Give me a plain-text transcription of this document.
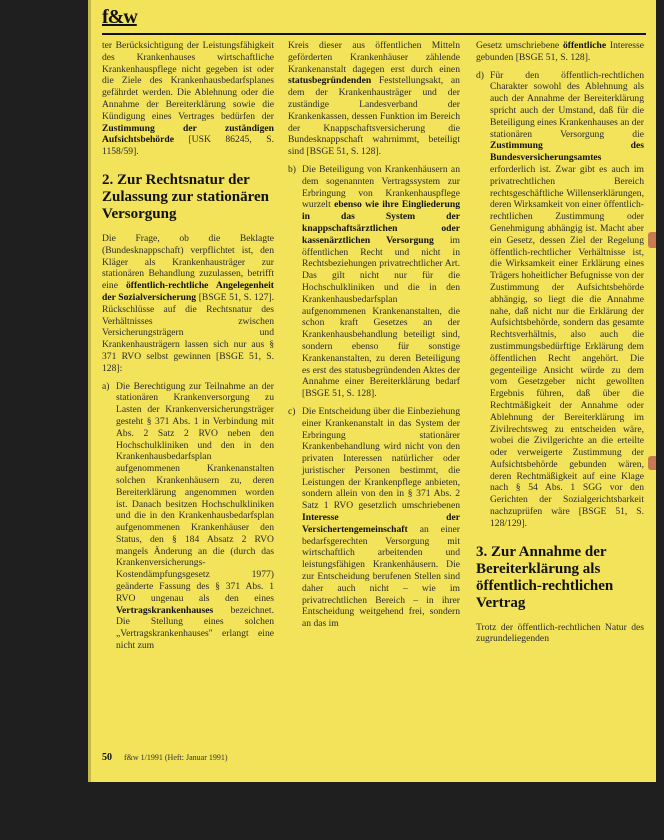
f&w

ter Berücksichtigung der Leistungsfähigkeit des Krankenhauses wirtschaftliche Krankenhauspflege nicht gegeben ist oder die Ziele des Krankenhausbedarfsplanes gefährdet werden. Die Ablehnung oder die Annahme der Bereiterklärung sowie die Kündigung eines Vertrages bedürfen der Zustimmung der zuständigen Aufsichtsbehörde [USK 86245, S. 1158/59].

2. Zur Rechtsnatur der Zulassung zur stationären Versorgung

Die Frage, ob die Beklagte (Bundesknappschaft) verpflichtet ist, den Kläger als Krankenhausträger zur stationären Behandlung zuzulassen, betrifft eine öffentlich-rechtliche Angelegenheit der Sozialversicherung [BSGE 51, S. 127]. Rückschlüsse auf die Rechtsnatur des Verhältnisses zwischen Versicherungsträgern und Krankenhausträgern lassen sich nur aus § 371 RVO selbst gewinnen [BSGE 51, S. 128]:

a) Die Berechtigung zur Teilnahme an der stationären Krankenversorgung zu Lasten der Krankenversicherungsträger gesteht § 371 Abs. 1 in Verbindung mit Abs. 2 Satz 2 RVO neben den Hochschulkliniken und den in den Krankenhausbedarfsplan aufgenommenen Krankenanstalten solchen Krankenhäusern zu, deren Bereiterklärung angenommen worden ist. Danach besitzen Hochschulkliniken und die in den Krankenhausbedarfsplan aufgenommenen Krankenhäuser den Status, den § 184 Absatz 2 RVO mangels Änderung an die (durch das Krankenversicherungs-Kostendämpfungsgesetz 1977) geänderte Fassung des § 371 Abs. 1 RVO ungenau als den eines Vertragskrankenhauses bezeichnet. Die Stellung eines solchen „Vertragskrankenhauses" erlangt eine nicht zum

Kreis dieser aus öffentlichen Mitteln geförderten Krankenhäuser zählende Krankenanstalt dagegen erst durch einen statusbegründenden Feststellungsakt, an dem der Krankenhausträger und der zuständige Landesverband der Krankenkassen, dessen Funktion im Bereich der Knappschaftsversicherung die Bundesknappschaft wahrnimmt, beteiligt sind [BSGE 51, S. 128].

b) Die Beteiligung von Krankenhäusern an dem sogenannten Vertragssystem zur Erbringung von Krankenhauspflege wurzelt ebenso wie ihre Eingliederung in das System der knappschaftsärztlichen oder kassenärztlichen Versorgung im öffentlichen Recht und nicht in Rechtsbeziehungen privatrechtlicher Art. Das gilt nicht nur für die Hochschulkliniken und die in den Krankenhausbedarfsplan aufgenommenen Krankenanstalten, die schon kraft Gesetzes an der Krankenhausbehandlung beteiligt sind, sondern ebenso für sonstige Krankenanstalten, zu deren Beteiligung es erst des statusbegründenden Aktes der Annahme einer Bereiterklärung bedarf [BSGE 51, S. 128].

c) Die Entscheidung über die Einbeziehung einer Krankenanstalt in das System der Erbringung stationärer Krankenbehandlung wird nicht von den privaten Interessen natürlicher oder juristischer Personen bestimmt, die Leistungen der Krankenpflege anbieten, sondern allein von den in § 371 Abs. 2 Satz 1 RVO gesetzlich umschriebenen Interesse der Versichertengemeinschaft an einer bedarfsgerechten Versorgung mit wirtschaftlich arbeitenden und leistungsfähigen Krankenhäusern. Die zur Entscheidung berufenen Stellen sind daher auch nicht – wie im privatrechtlichen Bereich – in ihrer Entscheidung weitgehend frei, sondern an das im

Gesetz umschriebene öffentliche Interesse gebunden [BSGE 51, S. 128].

d) Für den öffentlich-rechtlichen Charakter sowohl des Ablehnung als auch der Annahme der Bereiterklärung spricht auch der Umstand, daß für die Beteiligung eines Krankenhauses an der stationären Versorgung die Zustimmung des Bundesversicherungsamtes erforderlich ist. Zwar gibt es auch im privatrechtlichen Bereich rechtsgeschäftliche Willenserklärungen, deren Wirksamkeit von einer öffentlich-rechtlichen Zustimmung oder Genehmigung abhängig ist. Macht aber ein Gesetz, dessen Ziel der Regelung öffentlich-rechtlicher Verhältnisse ist, die Wirksamkeit einer Erklärung eines Trägers hoheitlicher Befugnisse von der Zustimmung der Aufsichtsbehörde abhängig, so liegt die die Annahme nahe, daß nicht nur die Erklärung der Aufsichtsbehörde, sondern das gesamte Rechtsverhältnis, also auch die zustimmungsbedürftige Erklärung dem öffentlichen Recht angehört. Die gegenteilige Ansicht würde zu dem vom Gesetzgeber nicht gewollten Ergebnis führen, daß über die Rechtmäßigkeit der Annahme oder Ablehnung der Bereiterklärung im Zivilrechtsweg zu entscheiden wäre, wobei die Zivilgerichte an die erteilte oder verweigerte Zustimmung der Aufsichtsbehörde gebunden wären, deren Rechtmäßigkeit auf eine Klage nach § 54 Abs. 1 SGG vor den Gerichten der Sozialgerichtsbarkeit nachzuprüfen wäre [BSGE 51, S. 128/129].

3. Zur Annahme der Bereiterklärung als öffentlich-rechtlichen Vertrag

Trotz der öffentlich-rechtlichen Natur des zugrundeliegenden

50 f&w 1/1991 (Heft: Januar 1991)
